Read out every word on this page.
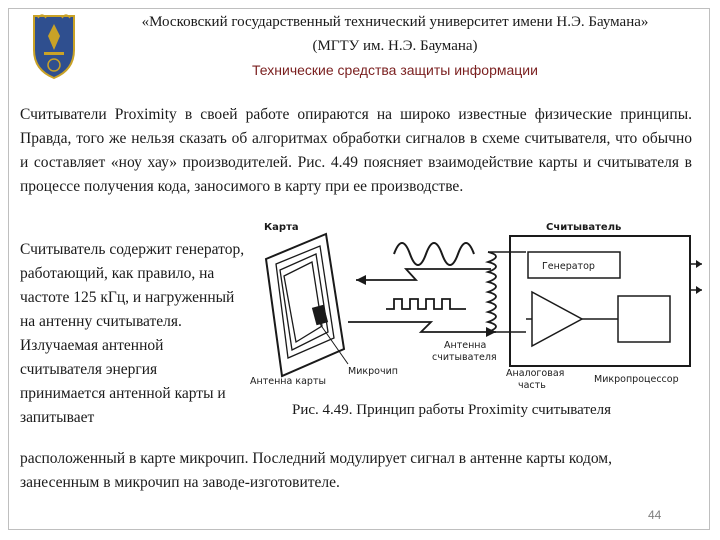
«Московский государственный технический университет имени Н.Э. Баумана»
(МГТУ им. Н.Э. Баумана)
Технические средства защиты информации

Считыватели Proximity в своей работе опираются на широко известные физические принципы. Правда, того же нельзя сказать об алгоритмах обработки сигналов в схеме считывателя, что обычно и составляет «ноу хау» производителей. Рис. 4.49 поясняет взаимодействие карты и считывателя в процессе получения кода, заносимого в карту при ее производстве.

Считыватель содержит генератор, работающий, как правило, на частоте 125 кГц, и нагруженный на антенну считывателя. Излучаемая антенной считывателя энергия принимается антенной карты и запитывает

Карта	Считыватель
Генератор
Антенна карты
Микрочип
Антенна
считывателя
Аналоговая
часть
Микропроцессор

Рис. 4.49. Принцип работы Proximity считывателя

расположенный в карте микрочип. Последний модулирует сигнал в антенне карты кодом, занесенным в микрочип на заводе-изготовителе.

44
